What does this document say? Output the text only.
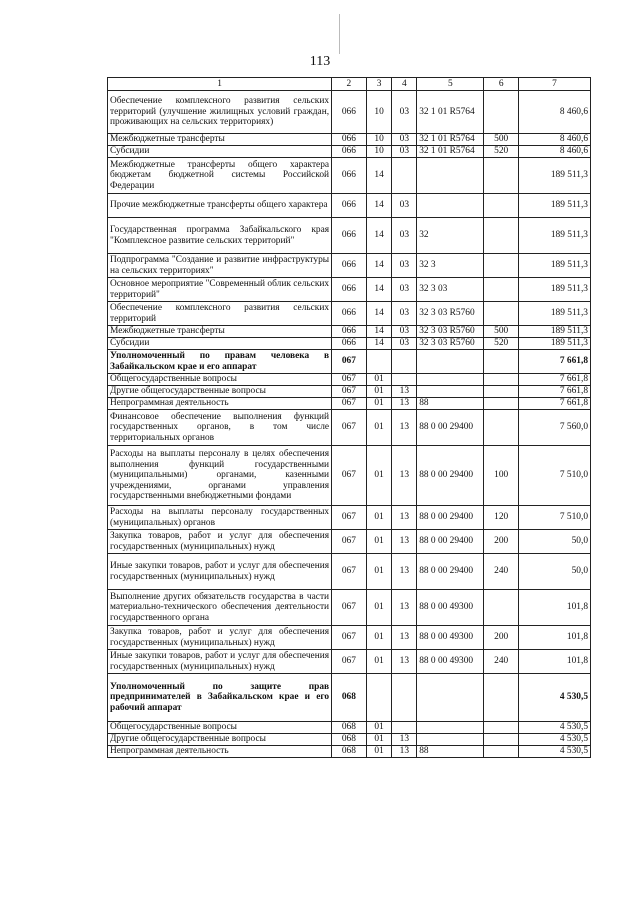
113
1	2	3	4	5	6	7
Обеспечение комплексного развития сельских территорий (улучшение жилищных условий граждан, проживающих на сельских территориях)	066	10	03	32 1 01 R5764		8 460,6
Межбюджетные трансферты	066	10	03	32 1 01 R5764	500	8 460,6
Субсидии	066	10	03	32 1 01 R5764	520	8 460,6
Межбюджетные трансферты общего характера бюджетам бюджетной системы Российской Федерации	066	14				189 511,3
Прочие межбюджетные трансферты общего характера	066	14	03			189 511,3
Государственная программа Забайкальского края "Комплексное развитие сельских территорий"	066	14	03	32		189 511,3
Подпрограмма "Создание и развитие инфраструктуры на сельских территориях"	066	14	03	32 3		189 511,3
Основное мероприятие "Современный облик сельских территорий"	066	14	03	32 3 03		189 511,3
Обеспечение комплексного развития сельских территорий	066	14	03	32 3 03 R5760		189 511,3
Межбюджетные трансферты	066	14	03	32 3 03 R5760	500	189 511,3
Субсидии	066	14	03	32 3 03 R5760	520	189 511,3
Уполномоченный по правам человека в Забайкальском крае и его аппарат	067					7 661,8
Общегосударственные вопросы	067	01				7 661,8
Другие общегосударственные вопросы	067	01	13			7 661,8
Непрограммная деятельность	067	01	13	88		7 661,8
Финансовое обеспечение выполнения функций государственных органов, в том числе территориальных органов	067	01	13	88 0 00 29400		7 560,0
Расходы на выплаты персоналу в целях обеспечения выполнения функций государственными (муниципальными) органами, казенными учреждениями, органами управления государственными внебюджетными фондами	067	01	13	88 0 00 29400	100	7 510,0
Расходы на выплаты персоналу государственных (муниципальных) органов	067	01	13	88 0 00 29400	120	7 510,0
Закупка товаров, работ и услуг для обеспечения государственных (муниципальных) нужд	067	01	13	88 0 00 29400	200	50,0
Иные закупки товаров, работ и услуг для обеспечения государственных (муниципальных) нужд	067	01	13	88 0 00 29400	240	50,0
Выполнение других обязательств государства в части материально-технического обеспечения деятельности государственного органа	067	01	13	88 0 00 49300		101,8
Закупка товаров, работ и услуг для обеспечения государственных (муниципальных) нужд	067	01	13	88 0 00 49300	200	101,8
Иные закупки товаров, работ и услуг для обеспечения государственных (муниципальных) нужд	067	01	13	88 0 00 49300	240	101,8
Уполномоченный по защите прав предпринимателей в Забайкальском крае и его рабочий аппарат	068					4 530,5
Общегосударственные вопросы	068	01				4 530,5
Другие общегосударственные вопросы	068	01	13			4 530,5
Непрограммная деятельность	068	01	13	88		4 530,5
